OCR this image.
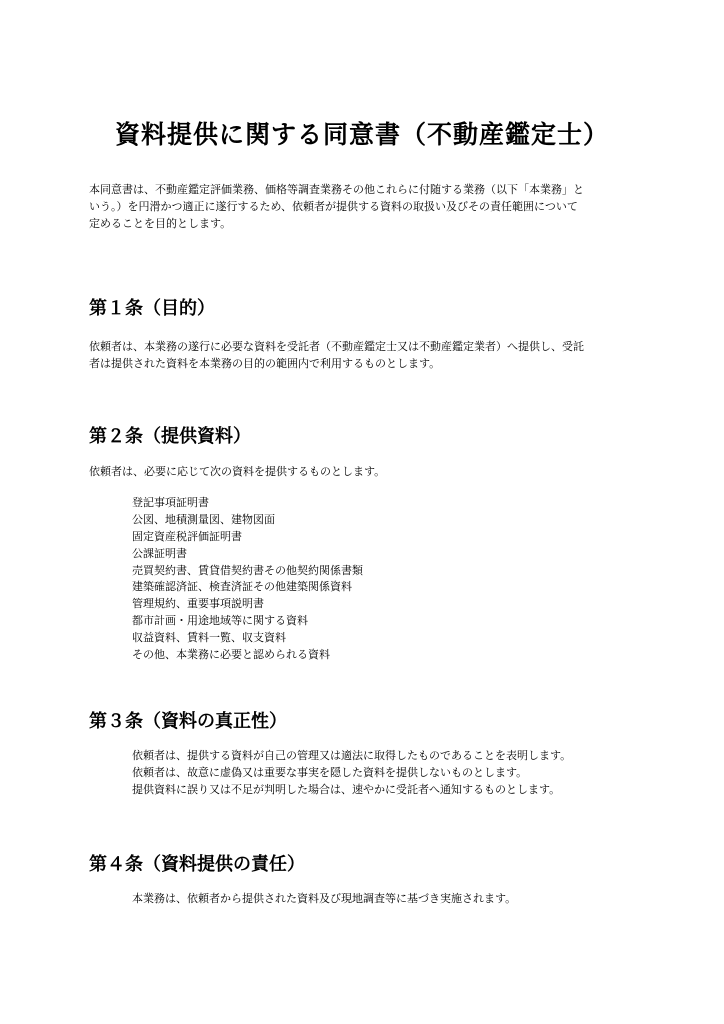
資料提供に関する同意書（不動産鑑定士）
本同意書は、不動産鑑定評価業務、価格等調査業務その他これらに付随する業務（以下「本業務」と
いう。）を円滑かつ適正に遂行するため、依頼者が提供する資料の取扱い及びその責任範囲について
定めることを目的とします。
第１条（目的）
依頼者は、本業務の遂行に必要な資料を受託者（不動産鑑定士又は不動産鑑定業者）へ提供し、受託
者は提供された資料を本業務の目的の範囲内で利用するものとします。
第２条（提供資料）
依頼者は、必要に応じて次の資料を提供するものとします。
登記事項証明書
公図、地積測量図、建物図面
固定資産税評価証明書
公課証明書
売買契約書、賃貸借契約書その他契約関係書類
建築確認済証、検査済証その他建築関係資料
管理規約、重要事項説明書
都市計画・用途地域等に関する資料
収益資料、賃料一覧、収支資料
その他、本業務に必要と認められる資料
第３条（資料の真正性）
依頼者は、提供する資料が自己の管理又は適法に取得したものであることを表明します。
依頼者は、故意に虚偽又は重要な事実を隠した資料を提供しないものとします。
提供資料に誤り又は不足が判明した場合は、速やかに受託者へ通知するものとします。
第４条（資料提供の責任）
本業務は、依頼者から提供された資料及び現地調査等に基づき実施されます。
